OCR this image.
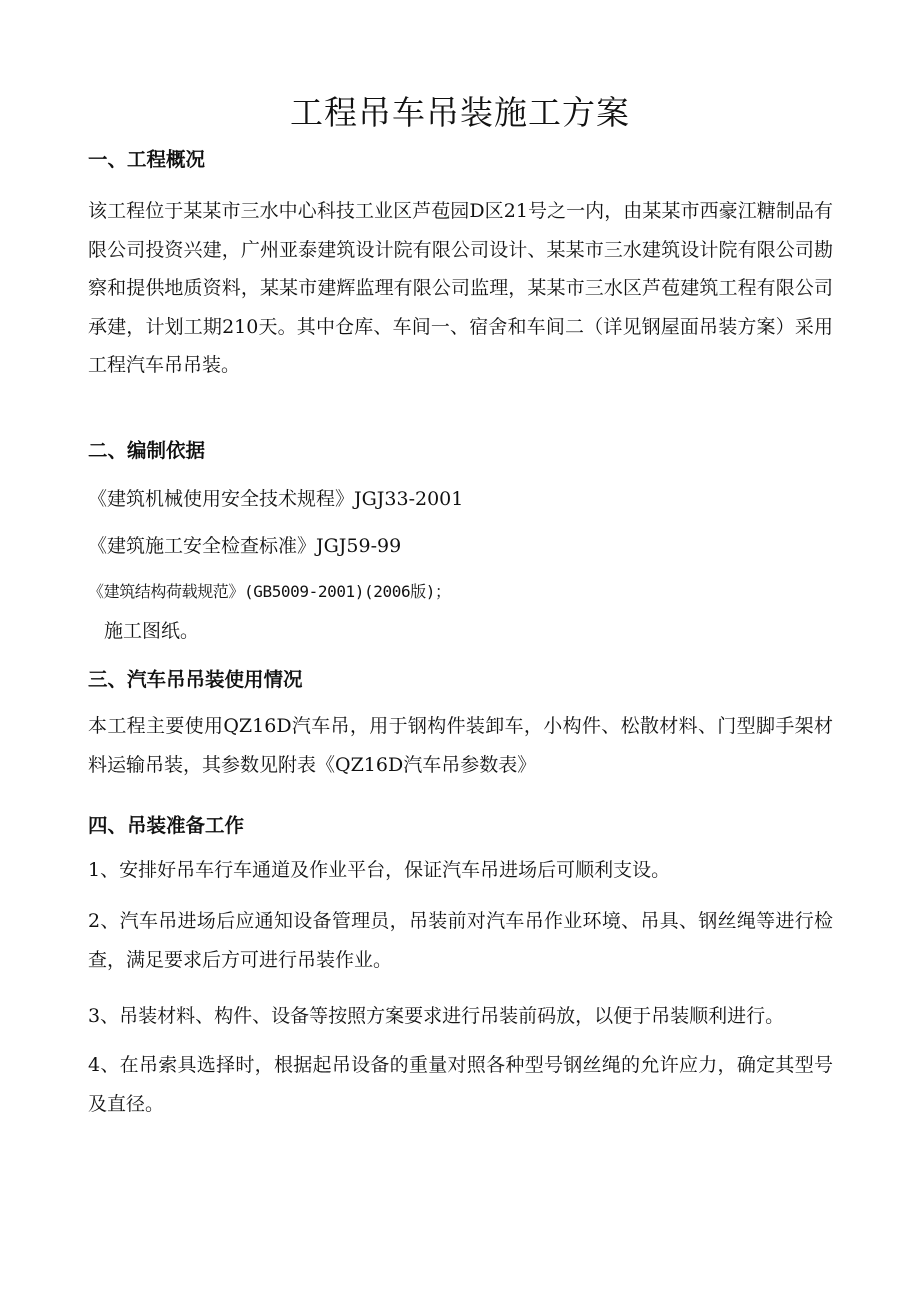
工程吊车吊装施工方案
一、工程概况

该工程位于某某市三水中心科技工业区芦苞园D区21号之一内，由某某市西豪江糖制品有限公司投资兴建，广州亚泰建筑设计院有限公司设计、某某市三水建筑设计院有限公司勘察和提供地质资料，某某市建辉监理有限公司监理，某某市三水区芦苞建筑工程有限公司承建，计划工期210天。其中仓库、车间一、宿舍和车间二（详见钢屋面吊装方案）采用工程汽车吊吊装。

二、编制依据

《建筑机械使用安全技术规程》JGJ33-2001

《建筑施工安全检查标准》JGJ59-99

《建筑结构荷载规范》(GB5009-2001)(2006版)；

施工图纸。

三、汽车吊吊装使用情况

本工程主要使用QZ16D汽车吊，用于钢构件装卸车，小构件、松散材料、门型脚手架材料运输吊装，其参数见附表《QZ16D汽车吊参数表》

四、吊装准备工作

1、安排好吊车行车通道及作业平台，保证汽车吊进场后可顺利支设。

2、汽车吊进场后应通知设备管理员，吊装前对汽车吊作业环境、吊具、钢丝绳等进行检查，满足要求后方可进行吊装作业。

3、吊装材料、构件、设备等按照方案要求进行吊装前码放，以便于吊装顺利进行。

4、在吊索具选择时，根据起吊设备的重量对照各种型号钢丝绳的允许应力，确定其型号及直径。
